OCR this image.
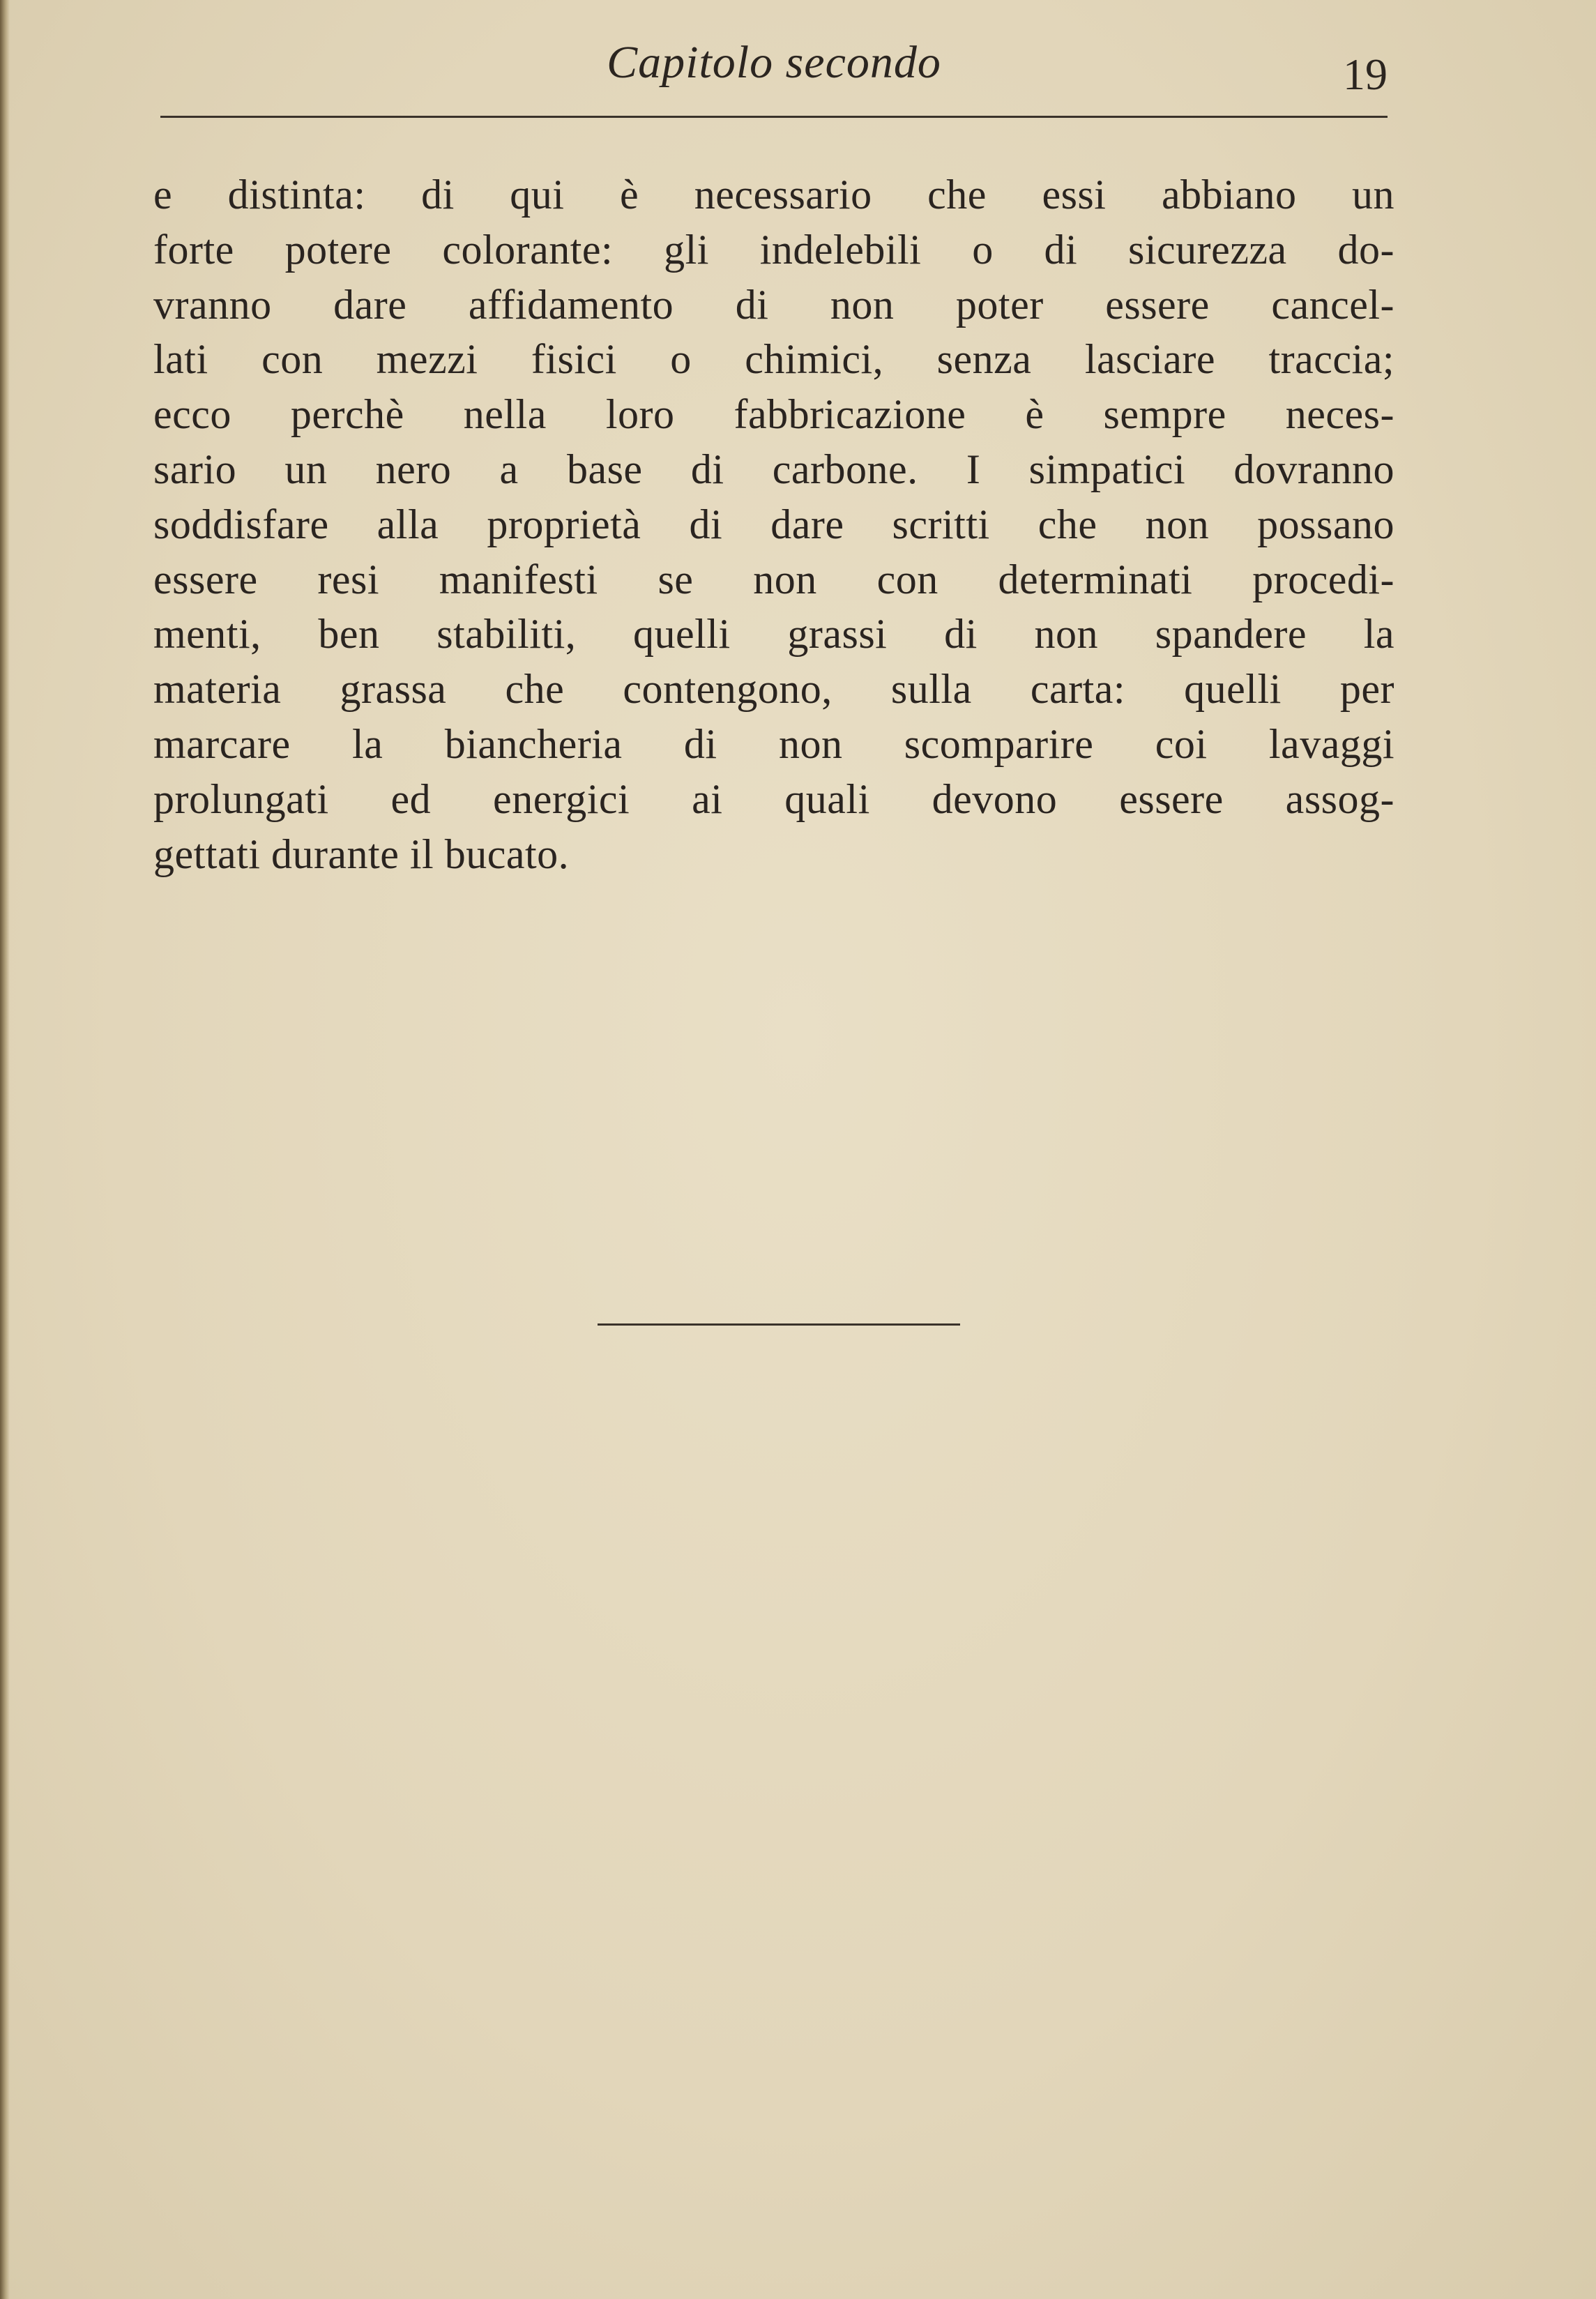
Capitolo secondo	19
e distinta: di qui è necessario che essi abbiano un
forte potere colorante: gli indelebili o di sicurezza do-
vranno dare affidamento di non poter essere cancel-
lati con mezzi fisici o chimici, senza lasciare traccia;
ecco perchè nella loro fabbricazione è sempre neces-
sario un nero a base di carbone. I simpatici dovranno
soddisfare alla proprietà di dare scritti che non possano
essere resi manifesti se non con determinati procedi-
menti, ben stabiliti, quelli grassi di non spandere la
materia grassa che contengono, sulla carta: quelli per
marcare la biancheria di non scomparire coi lavaggi
prolungati ed energici ai quali devono essere assog-
gettati durante il bucato.
